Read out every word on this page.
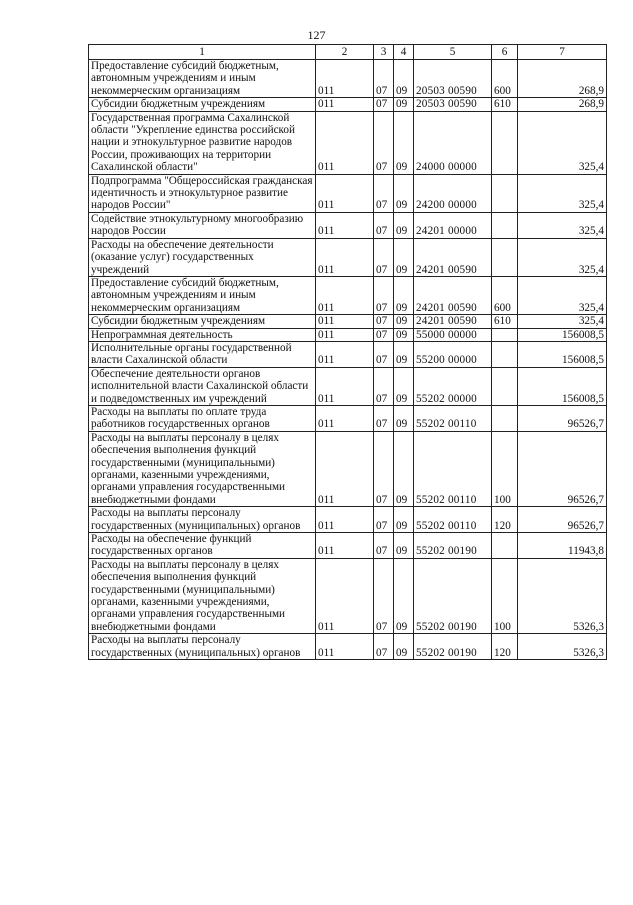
127
1	2	3	4	5	6	7
Предоставление субсидий бюджетным, автономным учреждениям и иным некоммерческим организациям	011	07	09	20503 00590	600	268,9
Субсидии бюджетным учреждениям	011	07	09	20503 00590	610	268,9
Государственная программа Сахалинской области "Укрепление единства российской нации и этнокультурное развитие народов России, проживающих на территории Сахалинской области"	011	07	09	24000 00000		325,4
Подпрограмма "Общероссийская гражданская идентичность и этнокультурное развитие народов России"	011	07	09	24200 00000		325,4
Содействие этнокультурному многообразию народов России	011	07	09	24201 00000		325,4
Расходы на обеспечение деятельности (оказание услуг) государственных учреждений	011	07	09	24201 00590		325,4
Предоставление субсидий бюджетным, автономным учреждениям и иным некоммерческим организациям	011	07	09	24201 00590	600	325,4
Субсидии бюджетным учреждениям	011	07	09	24201 00590	610	325,4
Непрограммная деятельность	011	07	09	55000 00000		156008,5
Исполнительные органы государственной власти Сахалинской области	011	07	09	55200 00000		156008,5
Обеспечение деятельности органов исполнительной власти Сахалинской области и подведомственных им учреждений	011	07	09	55202 00000		156008,5
Расходы на выплаты по оплате труда работников государственных органов	011	07	09	55202 00110		96526,7
Расходы на выплаты персоналу в целях обеспечения выполнения функций государственными (муниципальными) органами, казенными учреждениями, органами управления государственными внебюджетными фондами	011	07	09	55202 00110	100	96526,7
Расходы на выплаты персоналу государственных (муниципальных) органов	011	07	09	55202 00110	120	96526,7
Расходы на обеспечение функций государственных органов	011	07	09	55202 00190		11943,8
Расходы на выплаты персоналу в целях обеспечения выполнения функций государственными (муниципальными) органами, казенными учреждениями, органами управления государственными внебюджетными фондами	011	07	09	55202 00190	100	5326,3
Расходы на выплаты персоналу государственных (муниципальных) органов	011	07	09	55202 00190	120	5326,3
